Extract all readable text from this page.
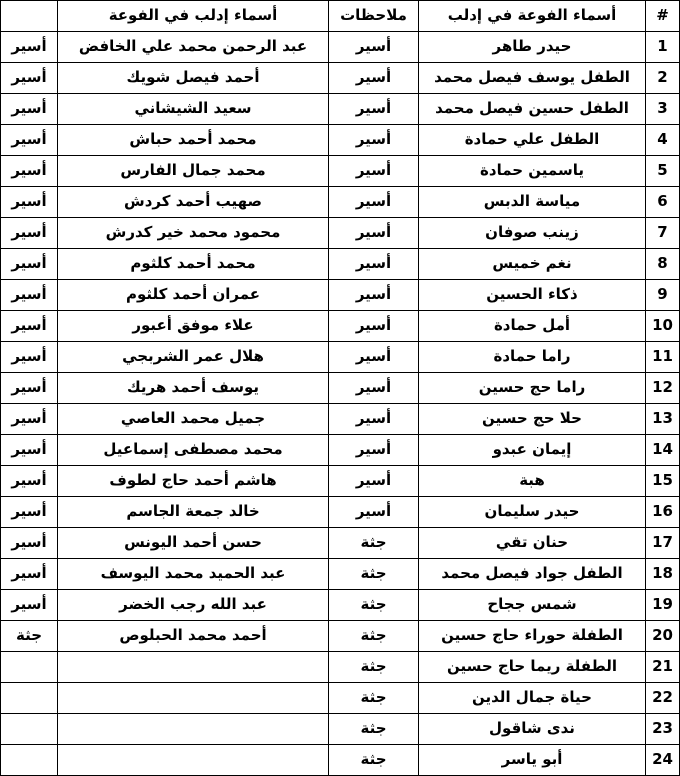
#	أسماء الفوعة في إدلب	ملاحظات	أسماء إدلب في الفوعة	
1	حيدر طاهر	أسير	عبد الرحمن محمد علي الخافض	أسير
2	الطفل يوسف فيصل محمد	أسير	أحمد فيصل شويك	أسير
3	الطفل حسين فيصل محمد	أسير	سعيد الشيشاني	أسير
4	الطفل علي حمادة	أسير	محمد أحمد حباش	أسير
5	ياسمين حمادة	أسير	محمد جمال الفارس	أسير
6	مياسة الدبس	أسير	صهيب أحمد كردش	أسير
7	زينب صوفان	أسير	محمود محمد خير كدرش	أسير
8	نغم خميس	أسير	محمد أحمد كلثوم	أسير
9	ذكاء الحسين	أسير	عمران أحمد كلثوم	أسير
10	أمل حمادة	أسير	علاء موفق أعبور	أسير
11	راما حمادة	أسير	هلال عمر الشربجي	أسير
12	راما حج حسين	أسير	يوسف أحمد هريك	أسير
13	حلا حج حسين	أسير	جميل محمد العاصي	أسير
14	إيمان عبدو	أسير	محمد مصطفى إسماعيل	أسير
15	هبة	أسير	هاشم أحمد حاج لطوف	أسير
16	حيدر سليمان	أسير	خالد جمعة الجاسم	أسير
17	حنان تقي	جثة	حسن أحمد اليونس	أسير
18	الطفل جواد فيصل محمد	جثة	عبد الحميد محمد اليوسف	أسير
19	شمس ججاح	جثة	عبد الله رجب الخضر	أسير
20	الطفلة حوراء حاج حسين	جثة	أحمد محمد الحبلوص	جثة
21	الطفلة ريما حاج حسين	جثة		
22	حياة جمال الدين	جثة		
23	ندى شاقول	جثة		
24	أبو ياسر	جثة		
